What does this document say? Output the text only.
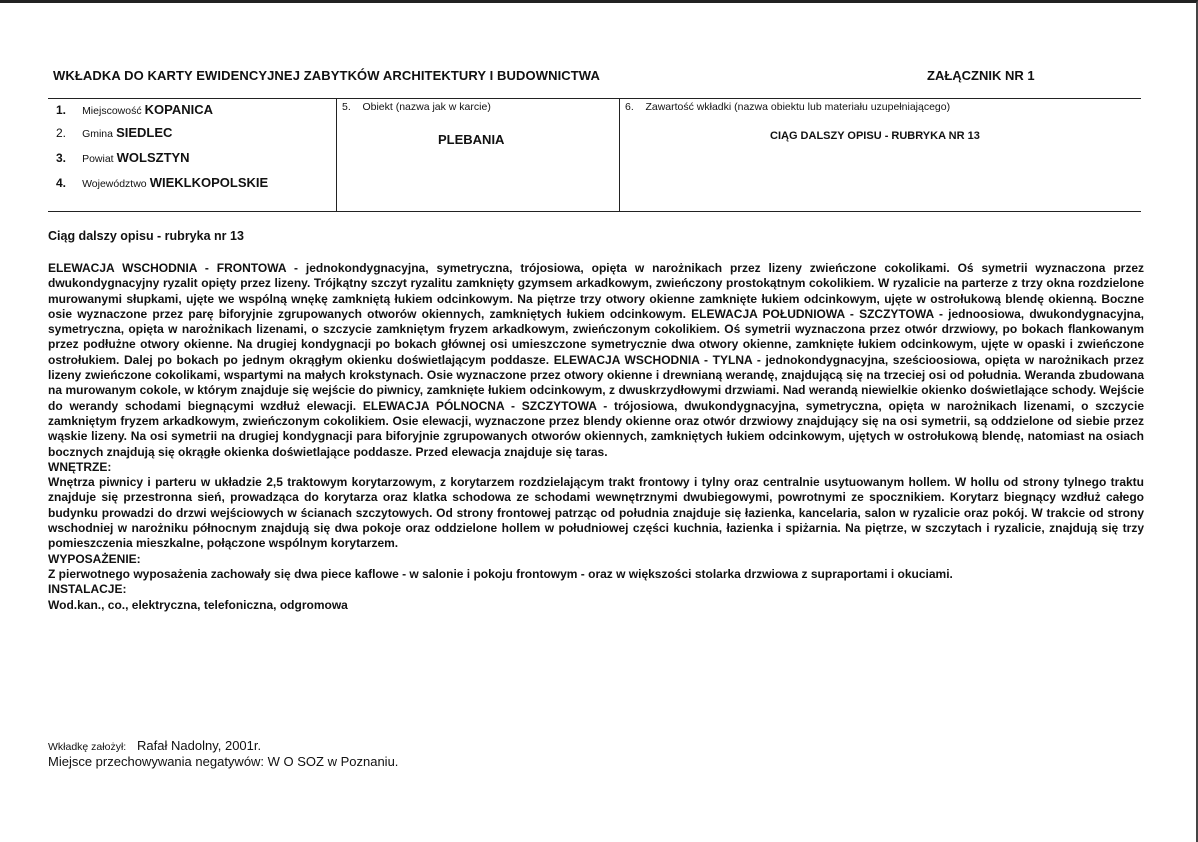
WKŁADKA DO KARTY EWIDENCYJNEJ ZABYTKÓW ARCHITEKTURY I BUDOWNICTWA	ZAŁĄCZNIK NR 1
1. Miejscowość KOPANICA
2. Gmina SIEDLEC
3. Powiat WOLSZTYN
4. Województwo WIEKLKOPOLSKIE
5. Obiekt (nazwa jak w karcie)
PLEBANIA
6. Zawartość wkładki (nazwa obiektu lub materiału uzupełniającego)
CIĄG DALSZY OPISU - RUBRYKA NR 13
Ciąg dalszy opisu - rubryka nr 13

ELEWACJA WSCHODNIA - FRONTOWA - jednokondygnacyjna, symetryczna, trójosiowa, opięta w narożnikach przez lizeny zwieńczone cokolikami. Oś symetrii wyznaczona przez dwukondygnacyjny ryzalit opięty przez lizeny. Trójkątny szczyt ryzalitu zamknięty gzymsem arkadkowym, zwieńczony prostokątnym cokolikiem. W ryzalicie na parterze z trzy okna rozdzielone murowanymi słupkami, ujęte we wspólną wnękę zamkniętą łukiem odcinkowym. Na piętrze trzy otwory okienne zamknięte łukiem odcinkowym, ujęte w ostrołukową blendę okienną. Boczne osie wyznaczone przez parę biforyjnie zgrupowanych otworów okiennych, zamkniętych łukiem odcinkowym. ELEWACJA POŁUDNIOWA - SZCZYTOWA - jednoosiowa, dwukondygnacyjna, symetryczna, opięta w narożnikach lizenami, o szczycie zamkniętym fryzem arkadkowym, zwieńczonym cokolikiem. Oś symetrii wyznaczona przez otwór drzwiowy, po bokach flankowanym przez podłużne otwory okienne. Na drugiej kondygnacji po bokach głównej osi umieszczone symetrycznie dwa otwory okienne, zamknięte łukiem odcinkowym, ujęte w opaski i zwieńczone ostrołukiem. Dalej po bokach po jednym okrągłym okienku doświetlającym poddasze. ELEWACJA WSCHODNIA - TYLNA - jednokondygnacyjna, sześcioosiowa, opięta w narożnikach przez lizeny zwieńczone cokolikami, wspartymi na małych krokstynach. Osie wyznaczone przez otwory okienne i drewnianą werandę, znajdującą się na trzeciej osi od południa. Weranda zbudowana na murowanym cokole, w którym znajduje się wejście do piwnicy, zamknięte łukiem odcinkowym, z dwuskrzydłowymi drzwiami. Nad werandą niewielkie okienko doświetlające schody. Wejście do werandy schodami biegnącymi wzdłuż elewacji. ELEWACJA PÓLNOCNA - SZCZYTOWA - trójosiowa, dwukondygnacyjna, symetryczna, opięta w narożnikach lizenami, o szczycie zamkniętym fryzem arkadkowym, zwieńczonym cokolikiem. Osie elewacji, wyznaczone przez blendy okienne oraz otwór drzwiowy znajdujący się na osi symetrii, są oddzielone od siebie przez wąskie lizeny. Na osi symetrii na drugiej kondygnacji para biforyjnie zgrupowanych otworów okiennych, zamkniętych łukiem odcinkowym, ujętych w ostrołukową blendę, natomiast na osiach bocznych znajdują się okrągłe okienka doświetlające poddasze. Przed elewacja znajduje się taras.

WNĘTRZE:

Wnętrza piwnicy i parteru w układzie 2,5 traktowym korytarzowym, z korytarzem rozdzielającym trakt frontowy i tylny oraz centralnie usytuowanym hollem. W hollu od strony tylnego traktu znajduje się przestronna sień, prowadząca do korytarza oraz klatka schodowa ze schodami wewnętrznymi dwubiegowymi, powrotnymi ze spocznikiem. Korytarz biegnący wzdłuż całego budynku prowadzi do drzwi wejściowych w ścianach szczytowych. Od strony frontowej patrząc od południa znajduje się łazienka, kancelaria, salon w ryzalicie oraz pokój. W trakcie od strony wschodniej w narożniku północnym znajdują się dwa pokoje oraz oddzielone hollem w południowej części kuchnia, łazienka i spiżarnia. Na piętrze, w szczytach i ryzalicie, znajdują się trzy pomieszczenia mieszkalne, połączone wspólnym korytarzem.

WYPOSAŻENIE:

Z pierwotnego wyposażenia zachowały się dwa piece kaflowe - w salonie i pokoju frontowym - oraz w większości stolarka drzwiowa z supraportami i okuciami.

INSTALACJE:

Wod.kan., co., elektryczna, telefoniczna, odgromowa

Wkładkę założył: Rafał Nadolny, 2001r.
Miejsce przechowywania negatywów: W O SOZ w Poznaniu.
